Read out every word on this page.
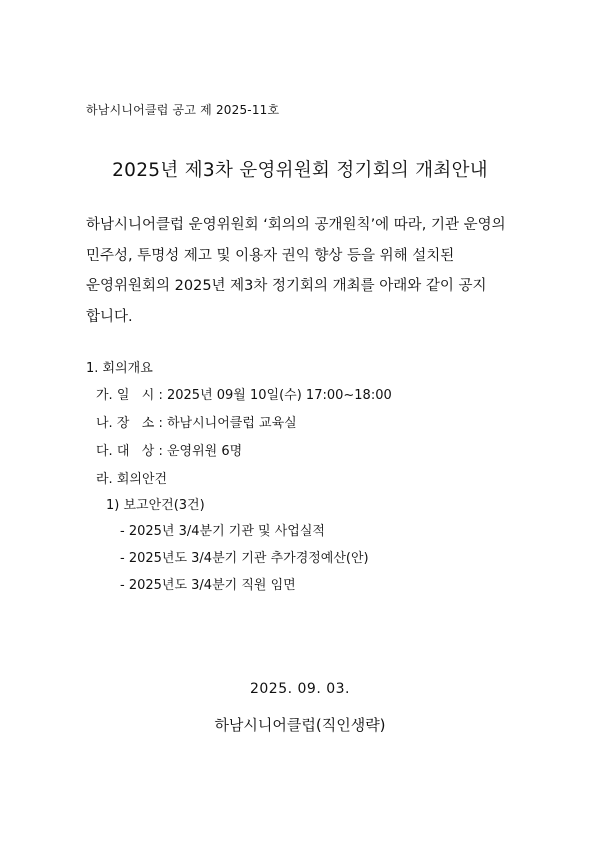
하남시니어클럽 공고 제 2025-11호
2025년 제3차 운영위원회 정기회의 개최안내
하남시니어클럽 운영위원회 ‘회의의 공개원칙’에 따라, 기관 운영의
민주성, 투명성 제고 및 이용자 권익 향상 등을 위해 설치된
운영위원회의 2025년 제3차 정기회의 개최를 아래와 같이 공지
합니다.
1. 회의개요
가. 일   시 : 2025년 09월 10일(수) 17:00~18:00
나. 장   소 : 하남시니어클럽 교육실
다. 대   상 : 운영위원 6명
라. 회의안건
1) 보고안건(3건)
- 2025년 3/4분기 기관 및 사업실적
- 2025년도 3/4분기 기관 추가경정예산(안)
- 2025년도 3/4분기 직원 임면
2025. 09. 03.
하남시니어클럽(직인생략)
